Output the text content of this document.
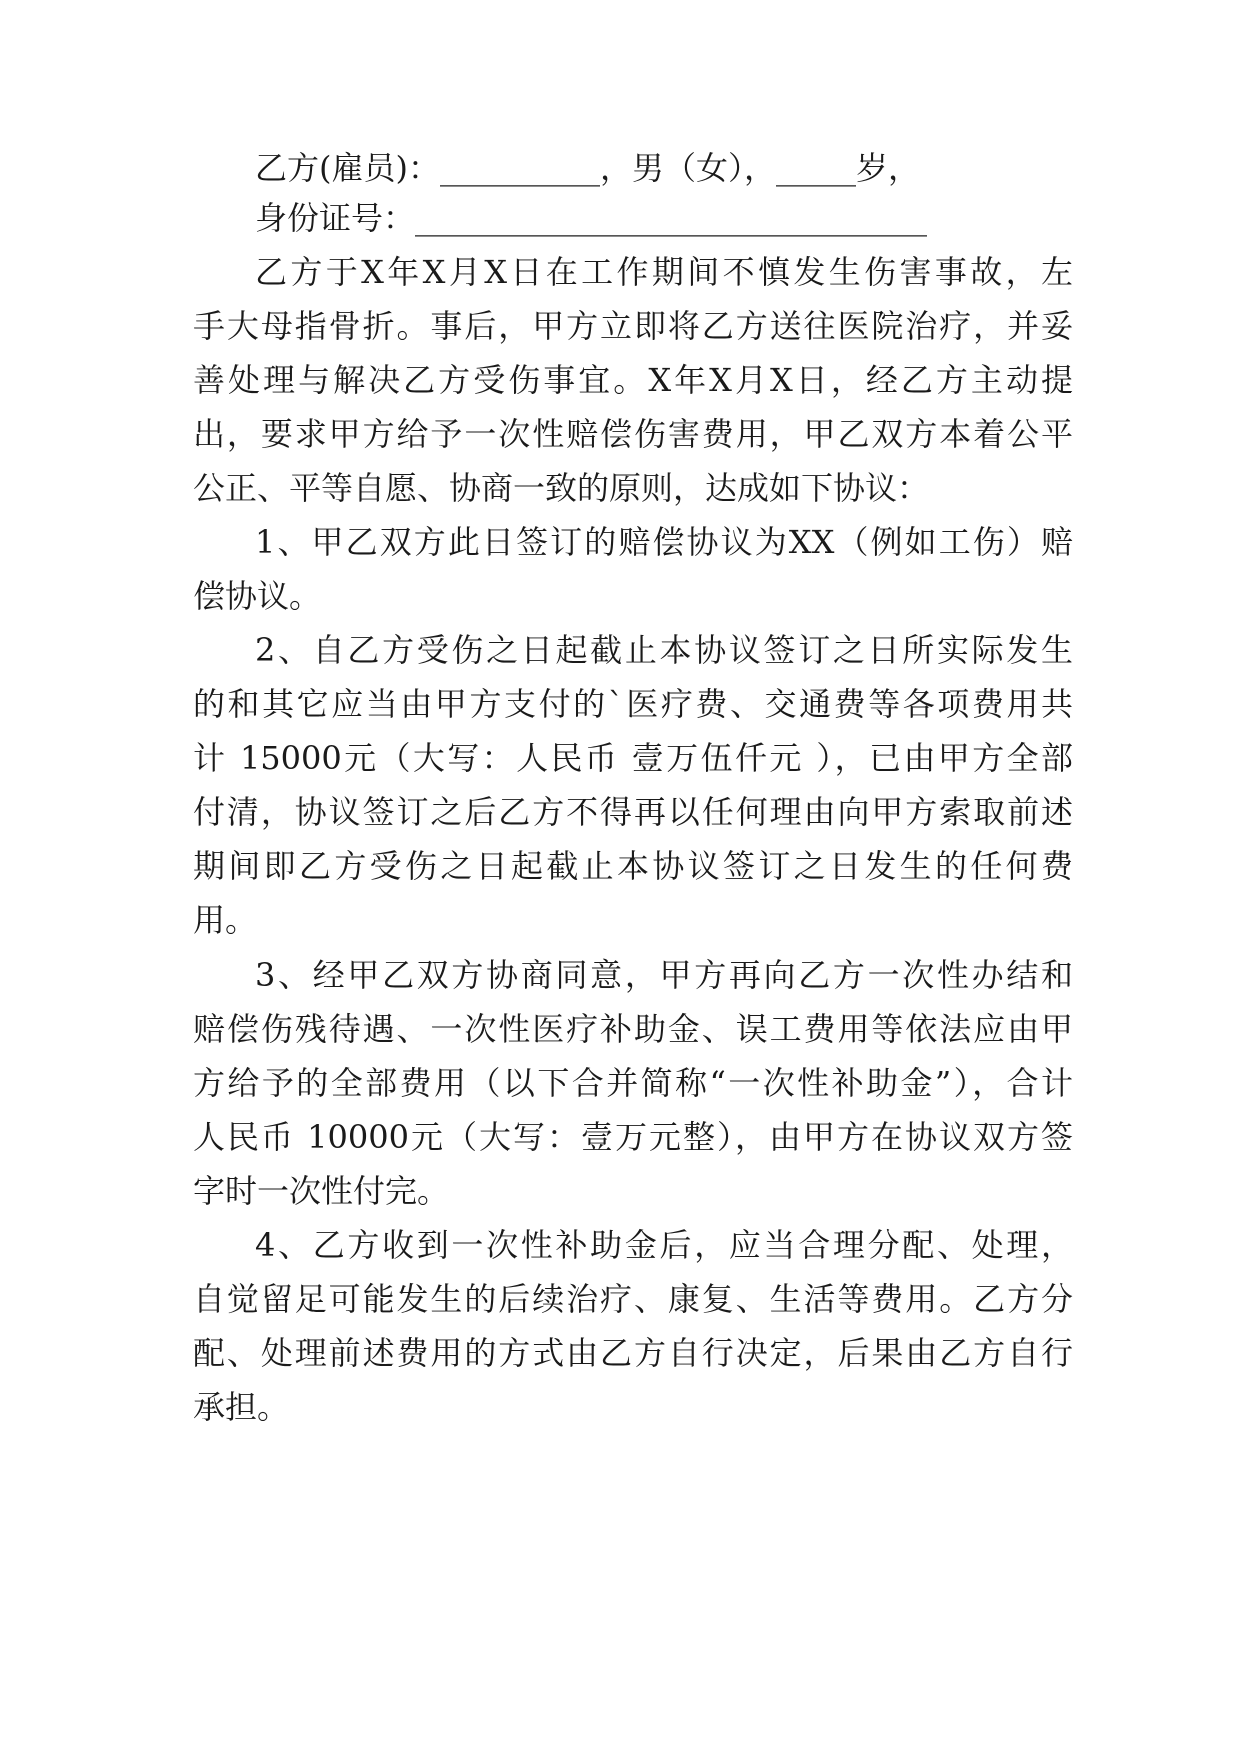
乙方(雇员)：__________，男（女），_____岁，

身份证号：________________________________

乙方于X年X月X日在工作期间不慎发生伤害事故，左

手大母指骨折。事后，甲方立即将乙方送往医院治疗，并妥

善处理与解决乙方受伤事宜。X年X月X日，经乙方主动提

出，要求甲方给予一次性赔偿伤害费用，甲乙双方本着公平

公正、平等自愿、协商一致的原则，达成如下协议：

1、甲乙双方此日签订的赔偿协议为XX（例如工伤）赔

偿协议。

2、自乙方受伤之日起截止本协议签订之日所实际发生

的和其它应当由甲方支付的`医疗费、交通费等各项费用共

计 15000元（大写：人民币 壹万伍仟元 ），已由甲方全部

付清，协议签订之后乙方不得再以任何理由向甲方索取前述

期间即乙方受伤之日起截止本协议签订之日发生的任何费

用。

3、经甲乙双方协商同意，甲方再向乙方一次性办结和

赔偿伤残待遇、一次性医疗补助金、误工费用等依法应由甲

方给予的全部费用（以下合并简称“一次性补助金”），合计

人民币 10000元（大写：壹万元整），由甲方在协议双方签

字时一次性付完。

4、乙方收到一次性补助金后，应当合理分配、处理，

自觉留足可能发生的后续治疗、康复、生活等费用。乙方分

配、处理前述费用的方式由乙方自行决定，后果由乙方自行

承担。
